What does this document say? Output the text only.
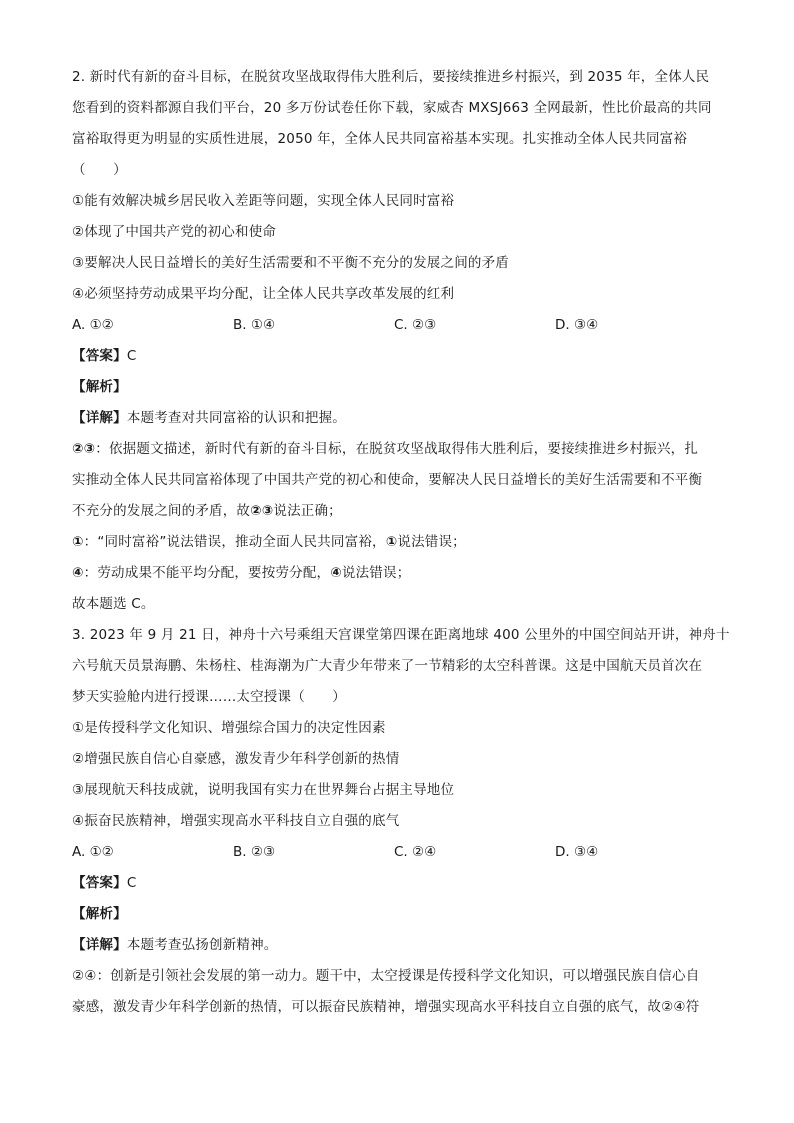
2. 新时代有新的奋斗目标，在脱贫攻坚战取得伟大胜利后，要接续推进乡村振兴，到 2035 年，全体人民
您看到的资料都源自我们平台，20 多万份试卷任你下载，家威杏 MXSJ663 全网最新，性比价最高的共同
富裕取得更为明显的实质性进展，2050 年，全体人民共同富裕基本实现。扎实推动全体人民共同富裕
（　　）
①能有效解决城乡居民收入差距等问题，实现全体人民同时富裕
②体现了中国共产党的初心和使命
③要解决人民日益增长的美好生活需要和不平衡不充分的发展之间的矛盾
④必须坚持劳动成果平均分配，让全体人民共享改革发展的红利
A. ①②	B. ①④	C. ②③	D. ③④
【答案】C
【解析】
【详解】本题考查对共同富裕的认识和把握。
②③：依据题文描述，新时代有新的奋斗目标，在脱贫攻坚战取得伟大胜利后，要接续推进乡村振兴，扎
实推动全体人民共同富裕体现了中国共产党的初心和使命，要解决人民日益增长的美好生活需要和不平衡
不充分的发展之间的矛盾，故②③说法正确；
①：“同时富裕”说法错误，推动全面人民共同富裕，①说法错误；
④：劳动成果不能平均分配，要按劳分配，④说法错误；
故本题选 C。
3. 2023 年 9 月 21 日，神舟十六号乘组天宫课堂第四课在距离地球 400 公里外的中国空间站开讲，神舟十
六号航天员景海鹏、朱杨柱、桂海潮为广大青少年带来了一节精彩的太空科普课。这是中国航天员首次在
梦天实验舱内进行授课……太空授课（　　）
①是传授科学文化知识、增强综合国力的决定性因素
②增强民族自信心自豪感，激发青少年科学创新的热情
③展现航天科技成就，说明我国有实力在世界舞台占据主导地位
④振奋民族精神，增强实现高水平科技自立自强的底气
A. ①②	B. ②③	C. ②④	D. ③④
【答案】C
【解析】
【详解】本题考查弘扬创新精神。
②④：创新是引领社会发展的第一动力。题干中，太空授课是传授科学文化知识，可以增强民族自信心自
豪感，激发青少年科学创新的热情，可以振奋民族精神，增强实现高水平科技自立自强的底气，故②④符
